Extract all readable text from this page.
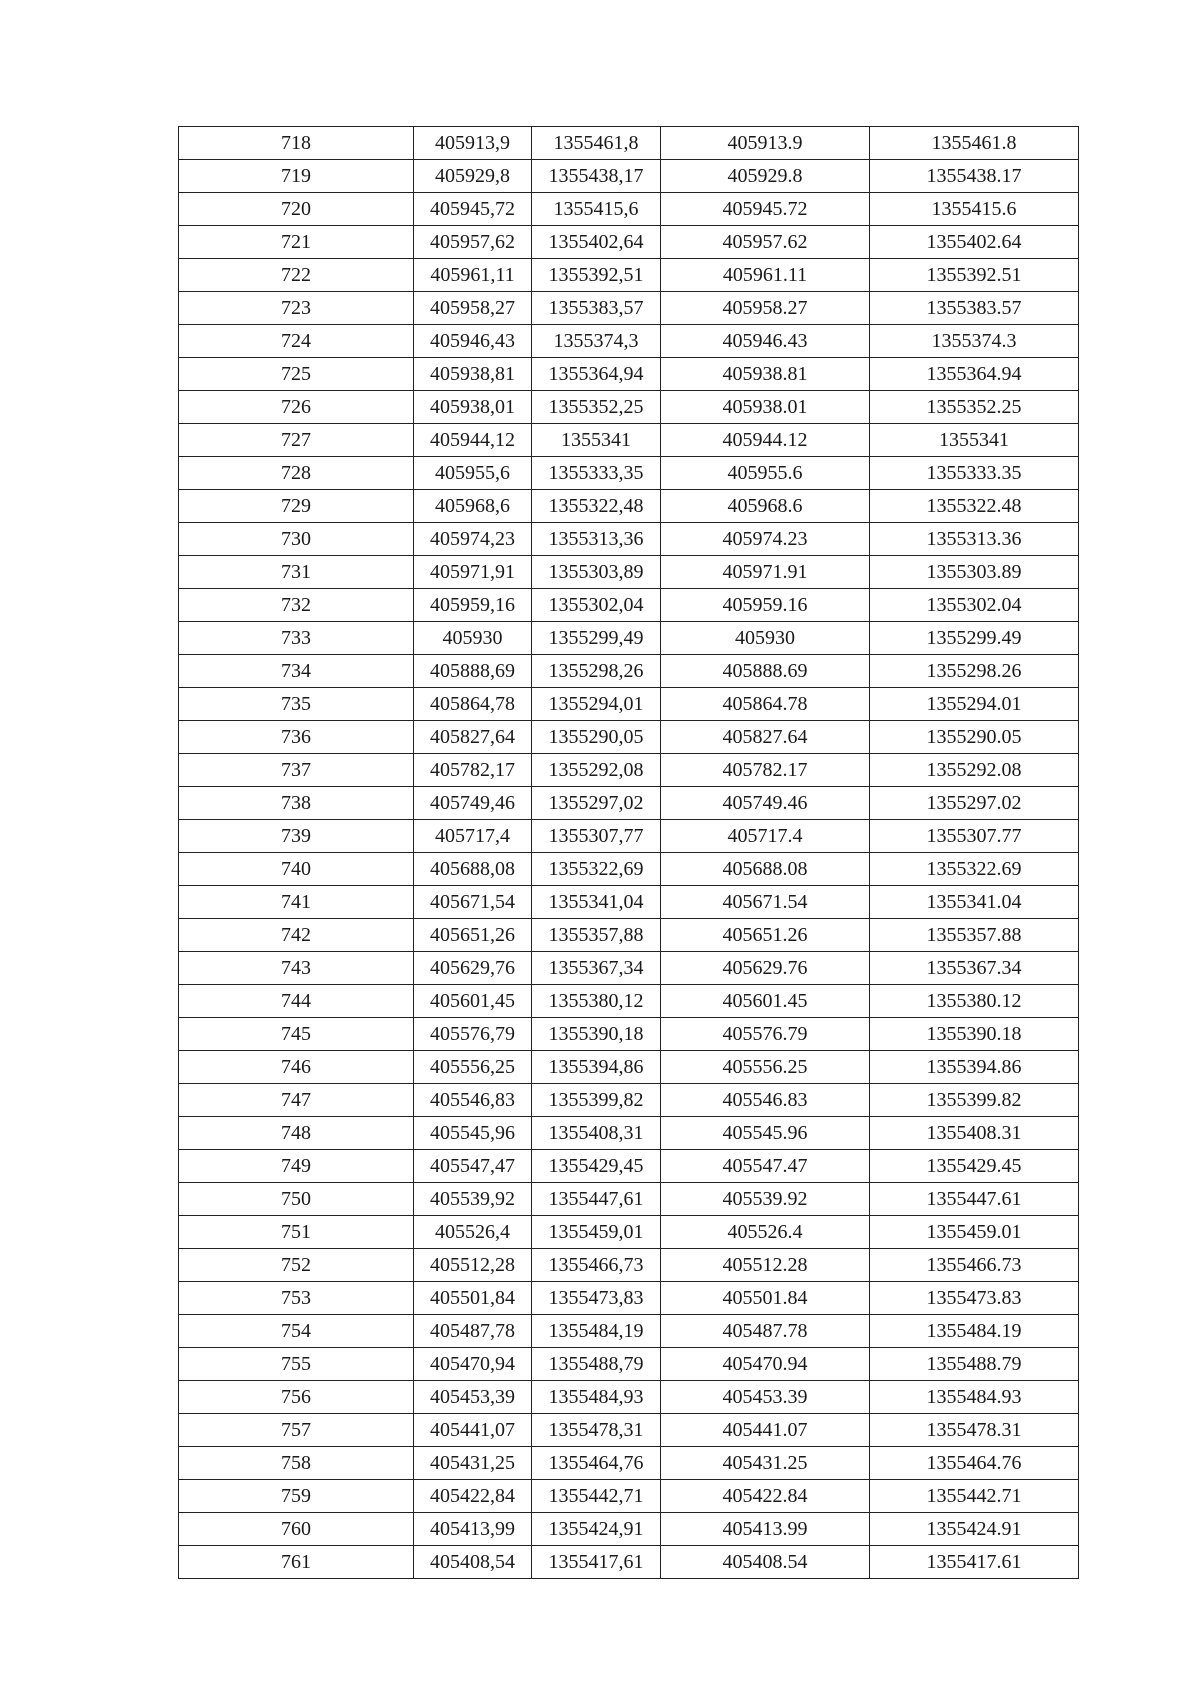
718	405913,9	1355461,8	405913.9	1355461.8
719	405929,8	1355438,17	405929.8	1355438.17
720	405945,72	1355415,6	405945.72	1355415.6
721	405957,62	1355402,64	405957.62	1355402.64
722	405961,11	1355392,51	405961.11	1355392.51
723	405958,27	1355383,57	405958.27	1355383.57
724	405946,43	1355374,3	405946.43	1355374.3
725	405938,81	1355364,94	405938.81	1355364.94
726	405938,01	1355352,25	405938.01	1355352.25
727	405944,12	1355341	405944.12	1355341
728	405955,6	1355333,35	405955.6	1355333.35
729	405968,6	1355322,48	405968.6	1355322.48
730	405974,23	1355313,36	405974.23	1355313.36
731	405971,91	1355303,89	405971.91	1355303.89
732	405959,16	1355302,04	405959.16	1355302.04
733	405930	1355299,49	405930	1355299.49
734	405888,69	1355298,26	405888.69	1355298.26
735	405864,78	1355294,01	405864.78	1355294.01
736	405827,64	1355290,05	405827.64	1355290.05
737	405782,17	1355292,08	405782.17	1355292.08
738	405749,46	1355297,02	405749.46	1355297.02
739	405717,4	1355307,77	405717.4	1355307.77
740	405688,08	1355322,69	405688.08	1355322.69
741	405671,54	1355341,04	405671.54	1355341.04
742	405651,26	1355357,88	405651.26	1355357.88
743	405629,76	1355367,34	405629.76	1355367.34
744	405601,45	1355380,12	405601.45	1355380.12
745	405576,79	1355390,18	405576.79	1355390.18
746	405556,25	1355394,86	405556.25	1355394.86
747	405546,83	1355399,82	405546.83	1355399.82
748	405545,96	1355408,31	405545.96	1355408.31
749	405547,47	1355429,45	405547.47	1355429.45
750	405539,92	1355447,61	405539.92	1355447.61
751	405526,4	1355459,01	405526.4	1355459.01
752	405512,28	1355466,73	405512.28	1355466.73
753	405501,84	1355473,83	405501.84	1355473.83
754	405487,78	1355484,19	405487.78	1355484.19
755	405470,94	1355488,79	405470.94	1355488.79
756	405453,39	1355484,93	405453.39	1355484.93
757	405441,07	1355478,31	405441.07	1355478.31
758	405431,25	1355464,76	405431.25	1355464.76
759	405422,84	1355442,71	405422.84	1355442.71
760	405413,99	1355424,91	405413.99	1355424.91
761	405408,54	1355417,61	405408.54	1355417.61
